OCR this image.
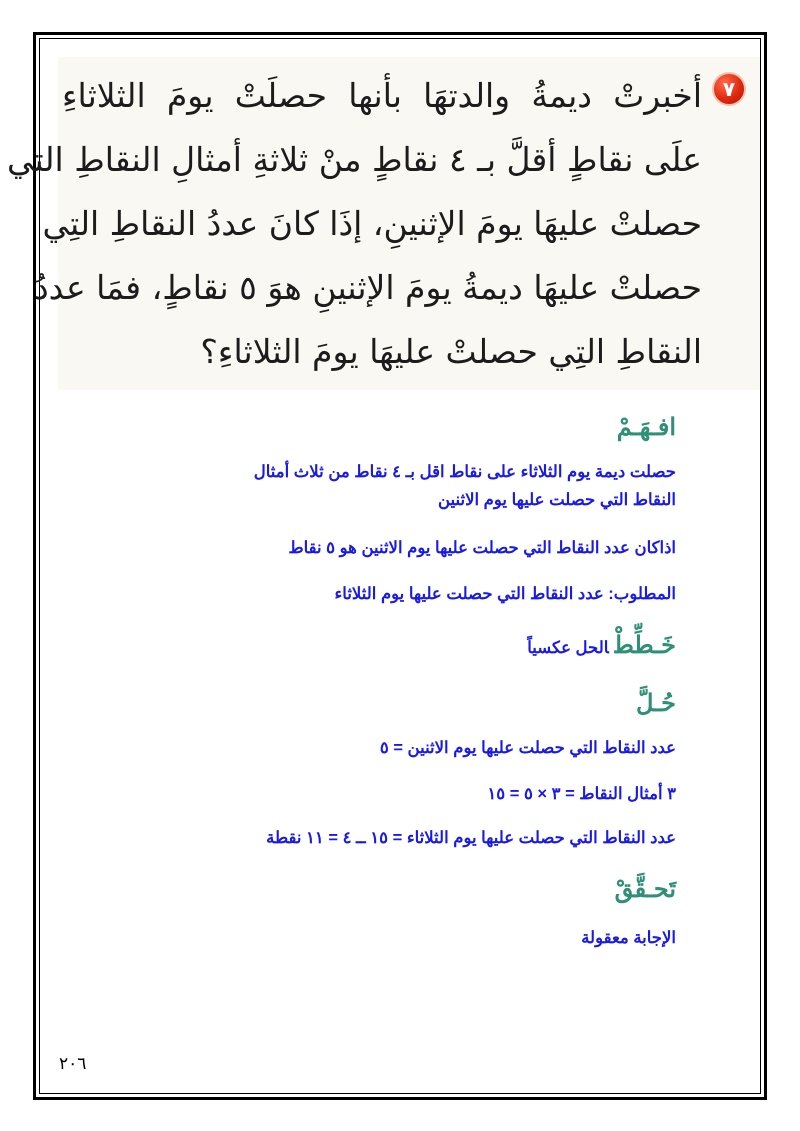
٧
أخبرتْ ديمةُ والدتهَا بأنها حصلَتْ يومَ الثلاثاءِ
علَى نقاطٍ أقلَّ بـ ٤ نقاطٍ منْ ثلاثةِ أمثالِ النقاطِ التي
حصلتْ عليهَا يومَ الإثنينِ، إذَا كانَ عددُ النقاطِ التِي
حصلتْ عليهَا ديمةُ يومَ الإثنينِ هوَ ٥ نقاطٍ، فمَا عددُ
النقاطِ التِي حصلتْ عليهَا يومَ الثلاثاءِ؟
افـهَـمْ
حصلت ديمة يوم الثلاثاء على نقاط اقل بـ ٤ نقاط من ثلاث أمثال
النقاط التي حصلت عليها يوم الاثنين
اذاكان عدد النقاط التي حصلت عليها يوم الاثنين هو ٥ نقاط
المطلوب: عدد النقاط التي حصلت عليها يوم الثلاثاء
خَـطِّطْالحل عكسياً
حُـلَّ
عدد النقاط التي حصلت عليها يوم الاثنين = ٥
٣ أمثال النقاط = ٣ × ٥ = ١٥
عدد النقاط التي حصلت عليها يوم الثلاثاء = ١٥ ــ ٤ = ١١ نقطة
تَحـقَّقْ
الإجابة معقولة
٢٠٦
